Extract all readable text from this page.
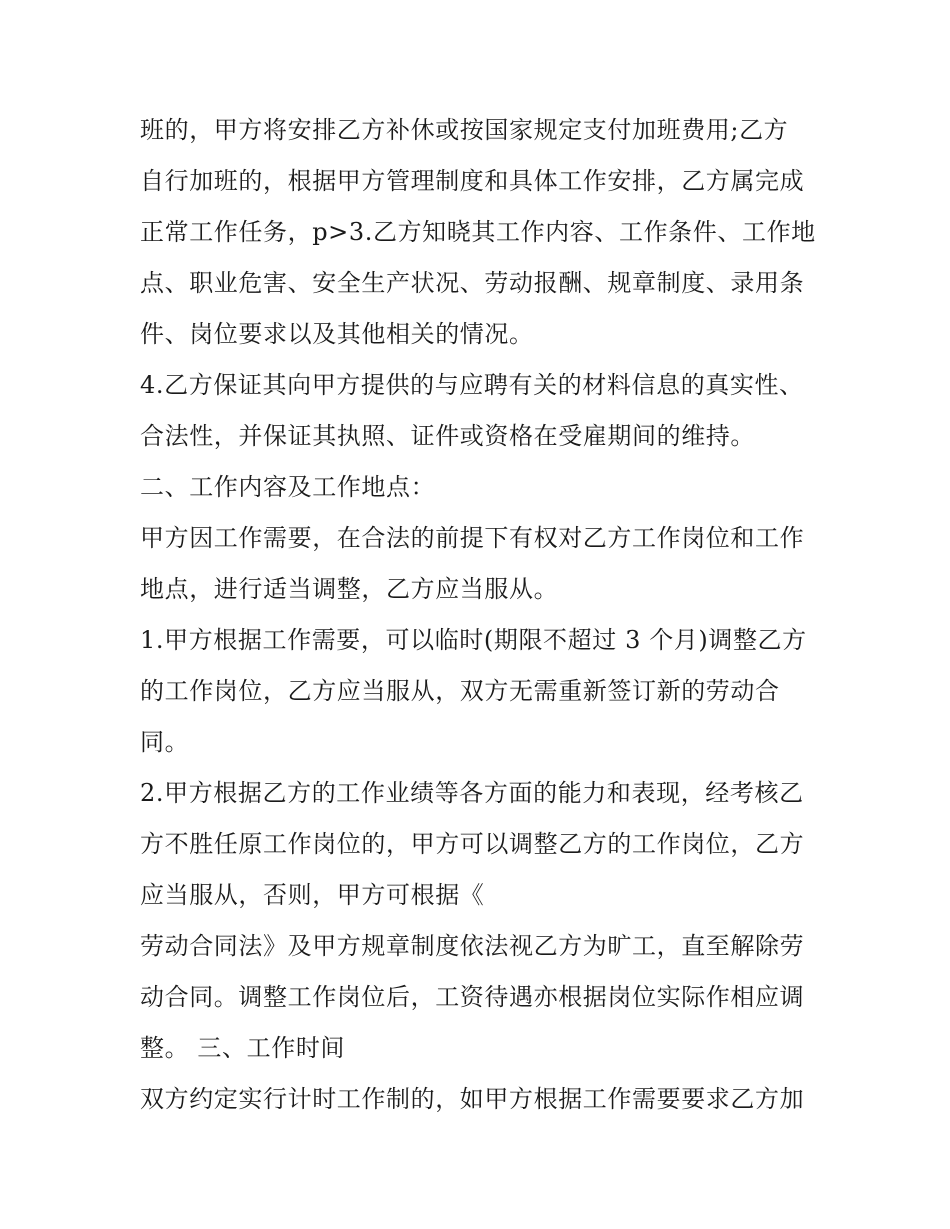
班的，甲方将安排乙方补休或按国家规定支付加班费用;乙方
自行加班的，根据甲方管理制度和具体工作安排，乙方属完成
正常工作任务，p>3.乙方知晓其工作内容、工作条件、工作地
点、职业危害、安全生产状况、劳动报酬、规章制度、录用条
件、岗位要求以及其他相关的情况。
4.乙方保证其向甲方提供的与应聘有关的材料信息的真实性、
合法性，并保证其执照、证件或资格在受雇期间的维持。
二、工作内容及工作地点：
甲方因工作需要，在合法的前提下有权对乙方工作岗位和工作
地点，进行适当调整，乙方应当服从。
1.甲方根据工作需要，可以临时(期限不超过 3 个月)调整乙方
的工作岗位，乙方应当服从，双方无需重新签订新的劳动合
同。
2.甲方根据乙方的工作业绩等各方面的能力和表现，经考核乙
方不胜任原工作岗位的，甲方可以调整乙方的工作岗位，乙方
应当服从，否则，甲方可根据《
劳动合同法》及甲方规章制度依法视乙方为旷工，直至解除劳
动合同。调整工作岗位后，工资待遇亦根据岗位实际作相应调
整。 三、工作时间
双方约定实行计时工作制的，如甲方根据工作需要要求乙方加
